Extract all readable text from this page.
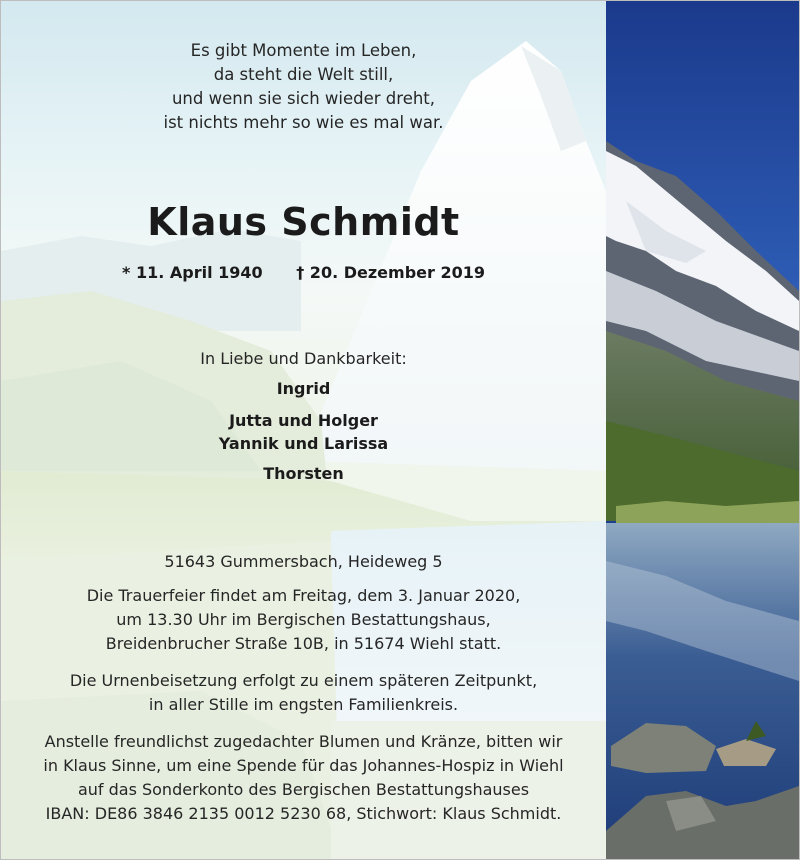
Es gibt Momente im Leben,
da steht die Welt still,
und wenn sie sich wieder dreht,
ist nichts mehr so wie es mal war.
Klaus Schmidt
* 11. April 1940 † 20. Dezember 2019
In Liebe und Dankbarkeit:
Ingrid
Jutta und Holger
Yannik und Larissa
Thorsten
51643 Gummersbach, Heideweg 5
Die Trauerfeier findet am Freitag, dem 3. Januar 2020,
um 13.30 Uhr im Bergischen Bestattungshaus,
Breidenbrucher Straße 10B, in 51674 Wiehl statt.
Die Urnenbeisetzung erfolgt zu einem späteren Zeitpunkt,
in aller Stille im engsten Familienkreis.
Anstelle freundlichst zugedachter Blumen und Kränze, bitten wir
in Klaus Sinne, um eine Spende für das Johannes-Hospiz in Wiehl
auf das Sonderkonto des Bergischen Bestattungshauses
IBAN: DE86 3846 2135 0012 5230 68, Stichwort: Klaus Schmidt.
